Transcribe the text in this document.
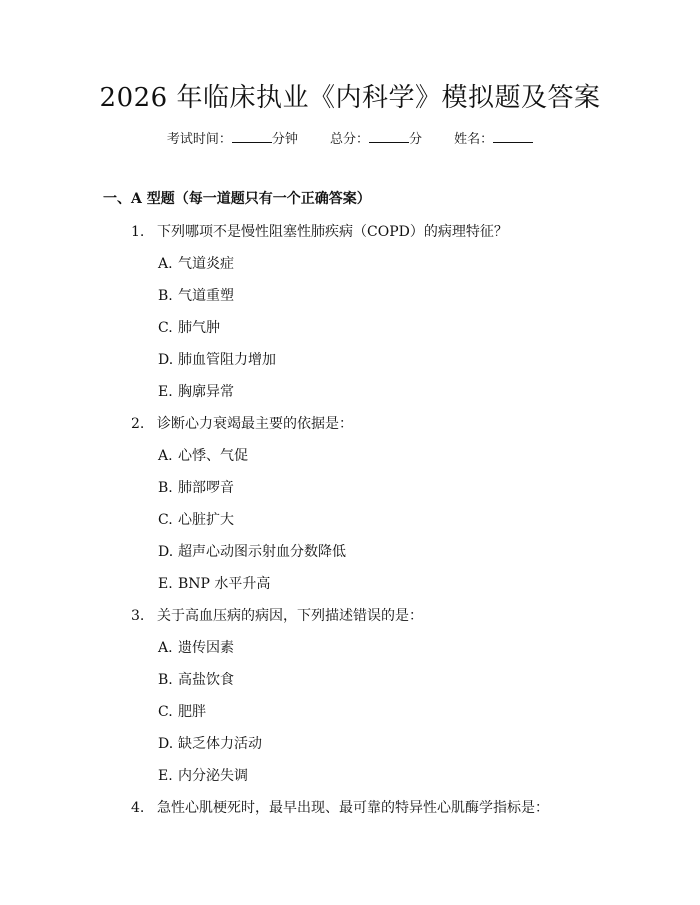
2026 年临床执业《内科学》模拟题及答案
考试时间：	分钟 总分：	分 姓名：
一、A 型题（每一道题只有一个正确答案）
1. 下列哪项不是慢性阻塞性肺疾病（COPD）的病理特征？
A. 气道炎症
B. 气道重塑
C. 肺气肿
D. 肺血管阻力增加
E. 胸廓异常
2. 诊断心力衰竭最主要的依据是：
A. 心悸、气促
B. 肺部啰音
C. 心脏扩大
D. 超声心动图示射血分数降低
E. BNP 水平升高
3. 关于高血压病的病因，下列描述错误的是：
A. 遗传因素
B. 高盐饮食
C. 肥胖
D. 缺乏体力活动
E. 内分泌失调
4. 急性心肌梗死时，最早出现、最可靠的特异性心肌酶学指标是：
